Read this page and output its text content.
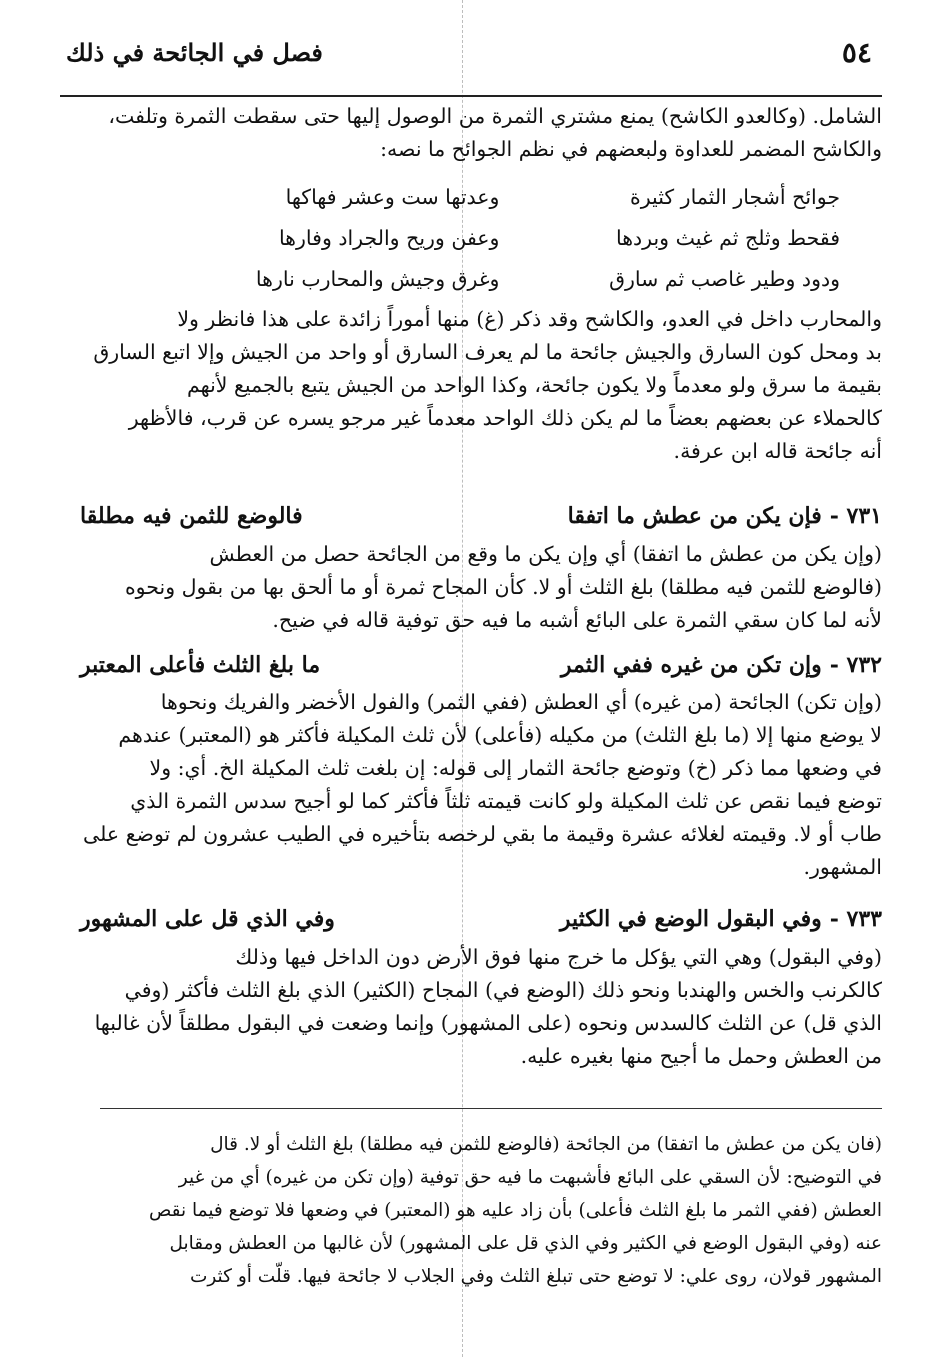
٥٤
فصل في الجائحة في ذلك

الشامل. (وكالعدو الكاشح) يمنع مشتري الثمرة من الوصول إليها حتى سقطت الثمرة وتلفت،

والكاشح المضمر للعداوة ولبعضهم في نظم الجوائح ما نصه:

جوائح أشجار الثمار كثيرة
وعدتها ست وعشر فهاكها
فقحط وثلج ثم غيث وبردها
وعفن وريح والجراد وفارها
ودود وطير غاصب ثم سارق
وغرق وجيش والمحارب نارها

والمحارب داخل في العدو، والكاشح وقد ذكر (غ) منها أموراً زائدة على هذا فانظر ولا

بد ومحل كون السارق والجيش جائحة ما لم يعرف السارق أو واحد من الجيش وإلا اتبع السارق

بقيمة ما سرق ولو معدماً ولا يكون جائحة، وكذا الواحد من الجيش يتبع بالجميع لأنهم

كالحملاء عن بعضهم بعضاً ما لم يكن ذلك الواحد معدماً غير مرجو يسره عن قرب، فالأظهر

أنه جائحة قاله ابن عرفة.

٧٣١ -
فإن يكن من عطش ما اتفقا
فالوضع للثمن فيه مطلقا

(وإن يكن من عطش ما اتفقا) أي وإن يكن ما وقع من الجائحة حصل من العطش

(فالوضع للثمن فيه مطلقا) بلغ الثلث أو لا. كأن المجاح ثمرة أو ما ألحق بها من بقول ونحوه

لأنه لما كان سقي الثمرة على البائع أشبه ما فيه حق توفية قاله في ضيح.

٧٣٢ -
وإن تكن من غيره ففي الثمر
ما بلغ الثلث فأعلى المعتبر

(وإن تكن) الجائحة (من غيره) أي العطش (ففي الثمر) والفول الأخضر والفريك ونحوها

لا يوضع منها إلا (ما بلغ الثلث) من مكيله (فأعلى) لأن ثلث المكيلة فأكثر هو (المعتبر) عندهم

في وضعها مما ذكر (خ) وتوضع جائحة الثمار إلى قوله: إن بلغت ثلث المكيلة الخ. أي: ولا

توضع فيما نقص عن ثلث المكيلة ولو كانت قيمته ثلثاً فأكثر كما لو أجيح سدس الثمرة الذي

طاب أو لا. وقيمته لغلائه عشرة وقيمة ما بقي لرخصه بتأخيره في الطيب عشرون لم توضع على

المشهور.

٧٣٣ -
وفي البقول الوضع في الكثير
وفي الذي قل على المشهور

(وفي البقول) وهي التي يؤكل ما خرج منها فوق الأرض دون الداخل فيها وذلك

كالكرنب والخس والهندبا ونحو ذلك (الوضع في) المجاح (الكثير) الذي بلغ الثلث فأكثر (وفي

الذي قل) عن الثلث كالسدس ونحوه (على المشهور) وإنما وضعت في البقول مطلقاً لأن غالبها

من العطش وحمل ما أجيح منها بغيره عليه.

(فان يكن من عطش ما اتفقا) من الجائحة (فالوضع للثمن فيه مطلقا) بلغ الثلث أو لا. قال

في التوضيح: لأن السقي على البائع فأشبهت ما فيه حق توفية (وإن تكن من غيره) أي من غير

العطش (ففي الثمر ما بلغ الثلث فأعلى) بأن زاد عليه هو (المعتبر) في وضعها فلا توضع فيما نقص

عنه (وفي البقول الوضع في الكثير وفي الذي قل على المشهور) لأن غالبها من العطش ومقابل

المشهور قولان، روى علي: لا توضع حتى تبلغ الثلث وفي الجلاب لا جائحة فيها. قلّت أو كثرت
